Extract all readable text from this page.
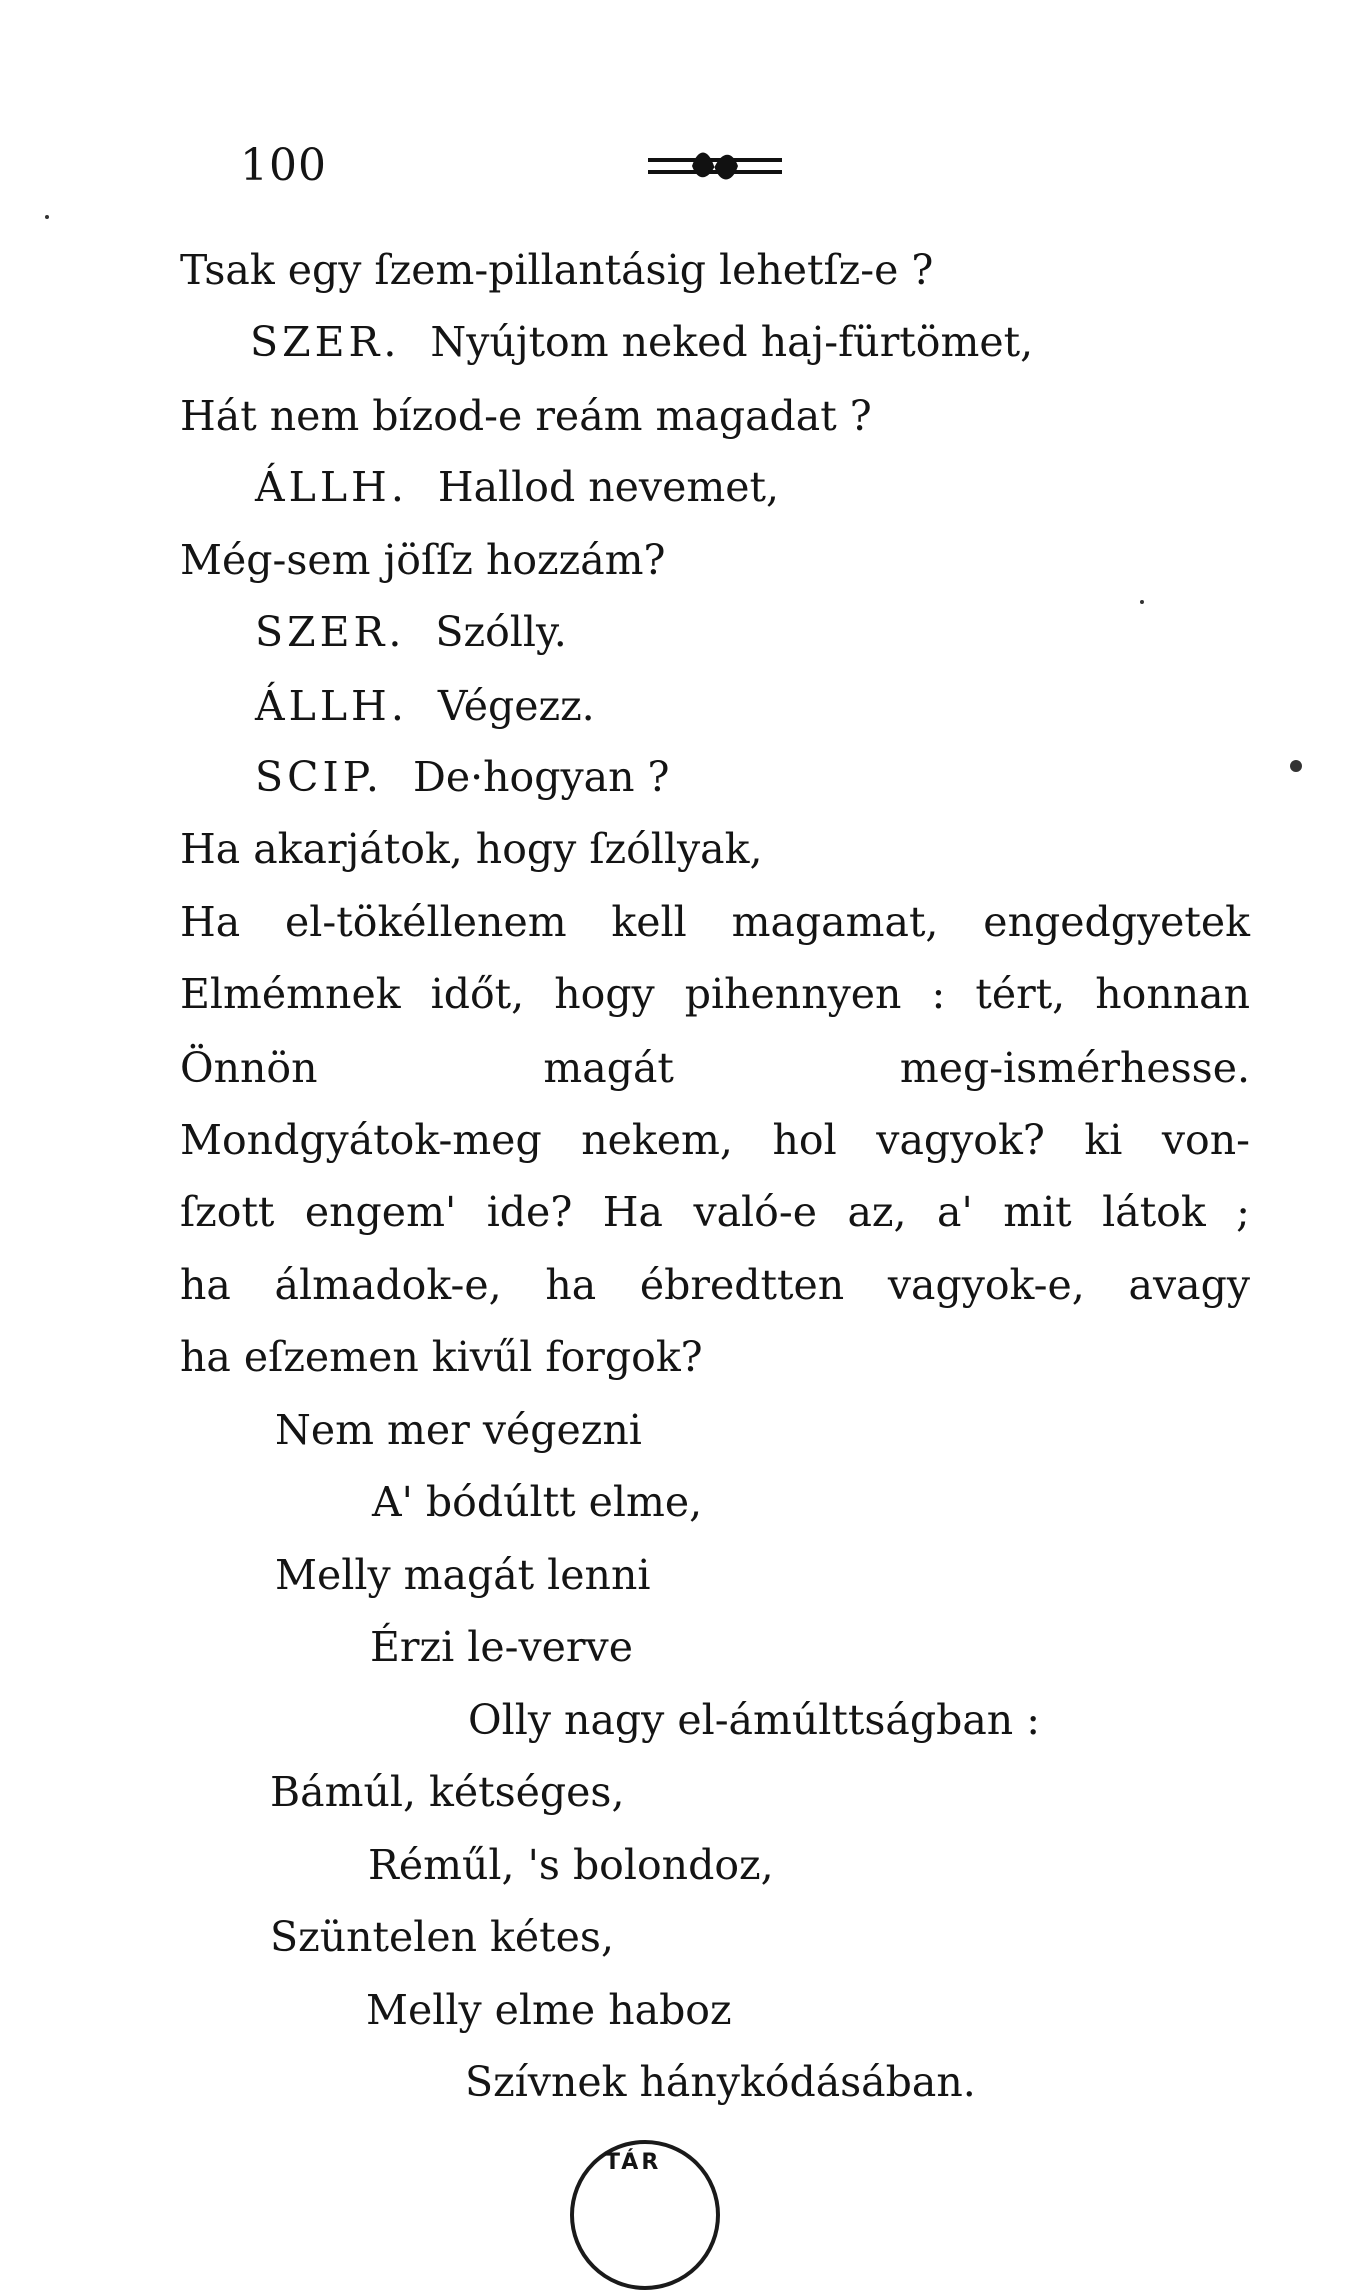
100
Tsak egy ſzem-pillantásig lehetſz-e ?
SZER. Nyújtom neked haj-fürtömet,
Hát nem bízod-e reám magadat ?
ÁLLH. Hallod nevemet,
Még-sem jöſſz hozzám?
SZER. Szólly.
ÁLLH. Végezz.
SCIP. De·hogyan ?
Ha akarjátok, hogy ſzóllyak,
Ha el-tökéllenem kell magamat, engedgyetek
Elmémnek időt, hogy pihennyen : tért, honnan
Önnön magát meg-ismérhesse.
Mondgyátok-meg nekem, hol vagyok? ki von-
ſzott engem' ide? Ha való-e az, a' mit látok ;
ha álmadok-e, ha ébredtten vagyok-e, avagy
ha eſzemen kivűl forgok?
Nem mer végezni
A' bódúltt elme,
Melly magát lenni
Érzi le-verve
Olly nagy el-ámúlttságban :
Bámúl, kétséges,
Réműl, 's bolondoz,
Szüntelen kétes,
Melly elme haboz
Szívnek hánykódásában.
TÁR
